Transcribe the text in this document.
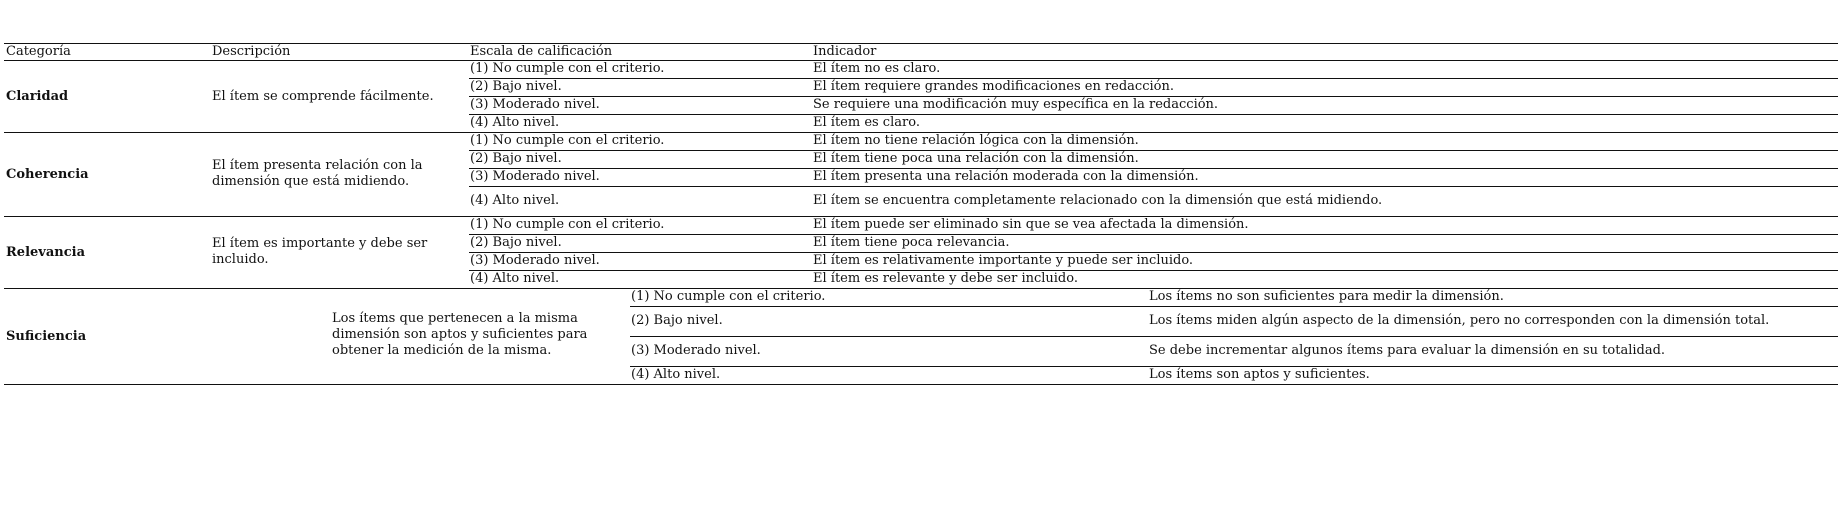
Categoría	Descripción	Escala de calificación	Indicador
Claridad	El ítem se comprende fácilmente.
(1) No cumple con el criterio.	El ítem no es claro.
(2) Bajo nivel.	El ítem requiere grandes modificaciones en redacción.
(3) Moderado nivel.	Se requiere una modificación muy específica en la redacción.
(4) Alto nivel.	El ítem es claro.
Coherencia
El ítem presenta relación con la dimensión que está midiendo.
(1) No cumple con el criterio.	El ítem no tiene relación lógica con la dimensión.
(2) Bajo nivel.	El ítem tiene poca una relación con la dimensión.
(3) Moderado nivel.	El ítem presenta una relación moderada con la dimensión.
(4) Alto nivel.	El ítem se encuentra completamente relacionado con la dimensión que está midiendo.
Relevancia
El ítem es importante y debe ser incluido.
(1) No cumple con el criterio.	El ítem puede ser eliminado sin que se vea afectada la dimensión.
(2) Bajo nivel.	El ítem tiene poca relevancia.
(3) Moderado nivel.	El ítem es relativamente importante y puede ser incluido.
(4) Alto nivel.	El ítem es relevante y debe ser incluido.
Suficiencia
Los ítems que pertenecen a la misma dimensión son aptos y suficientes para obtener la medición de la misma.
(1) No cumple con el criterio.	Los ítems no son suficientes para medir la dimensión.
(2) Bajo nivel.	Los ítems miden algún aspecto de la dimensión, pero no corresponden con la dimensión total.
(3) Moderado nivel.	Se debe incrementar algunos ítems para evaluar la dimensión en su totalidad.
(4) Alto nivel.	Los ítems son aptos y suficientes.
